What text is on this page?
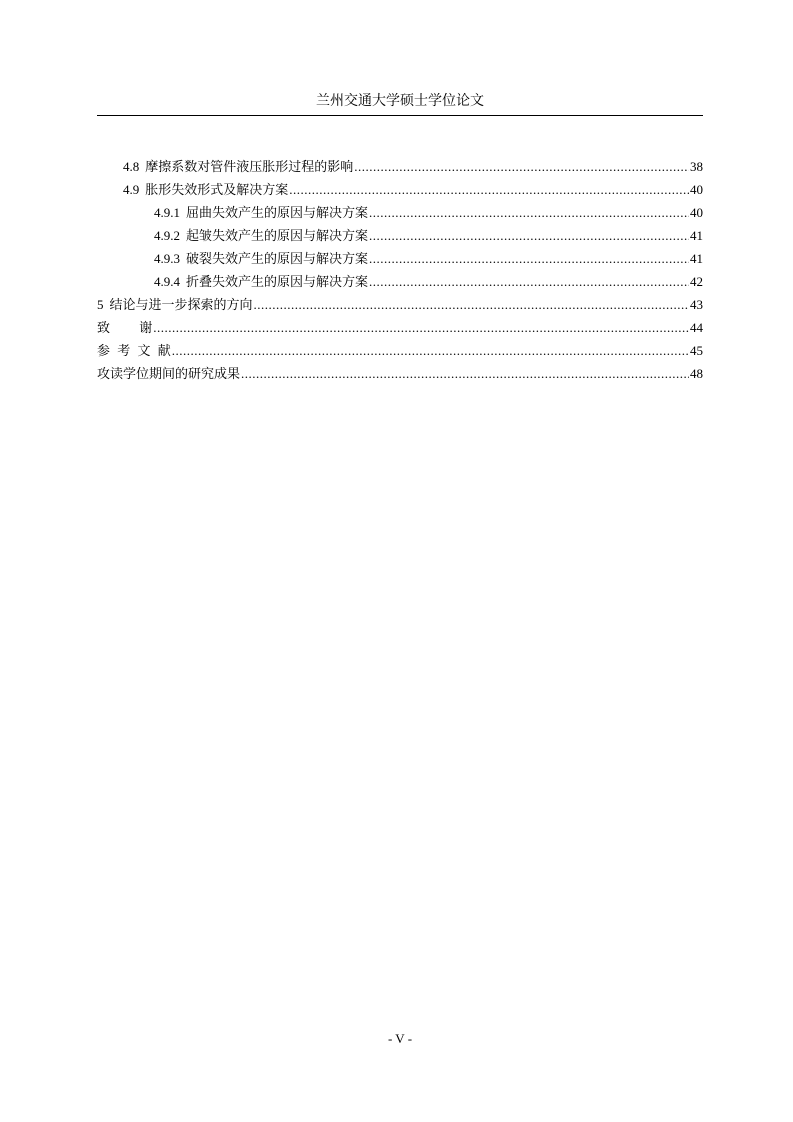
兰州交通大学硕士学位论文
4.8 摩擦系数对管件液压胀形过程的影响 .....	38
4.9 胀形失效形式及解决方案 .....	40
4.9.1 屈曲失效产生的原因与解决方案 .....	40
4.9.2 起皱失效产生的原因与解决方案 .....	41
4.9.3 破裂失效产生的原因与解决方案 .....	41
4.9.4 折叠失效产生的原因与解决方案 .....	42
5 结论与进一步探索的方向 .....	43
致 谢 .....	44
参 考 文 献 .....	45
攻读学位期间的研究成果 .....	48
- V -
